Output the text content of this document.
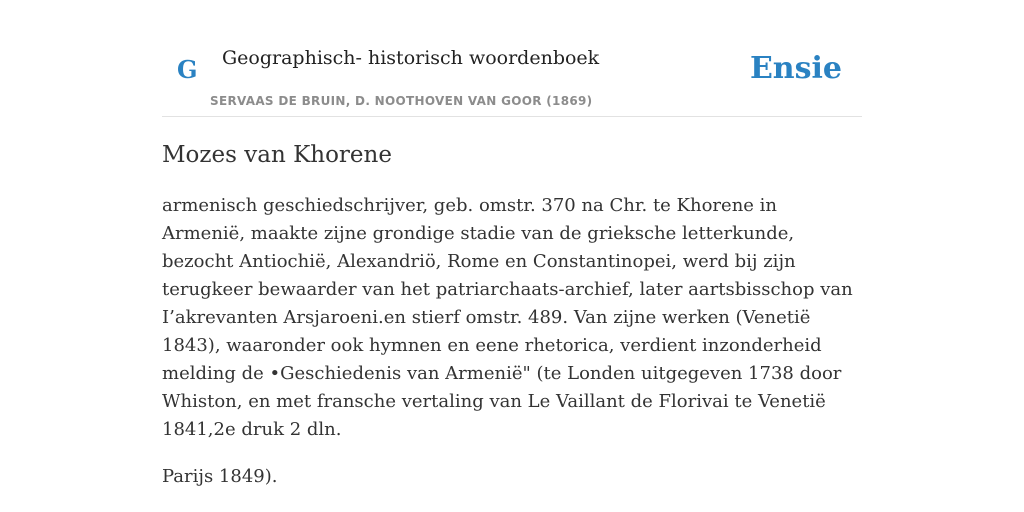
G Geographisch- historisch woordenboek
SERVAAS DE BRUIN, D. NOOTHOVEN VAN GOOR (1869)
Ensie
Mozes van Khorene

armenisch geschiedschrijver, geb. omstr. 370 na Chr. te Khorene in Armenië, maakte zijne grondige stadie van de grieksche letterkunde, bezocht Antiochië, Alexandriö, Rome en Constantinopei, werd bij zijn terugkeer bewaarder van het patriarchaats-archief, later aartsbisschop van I’akrevanten Arsjaroeni.en stierf omstr. 489. Van zijne werken (Venetië 1843), waaronder ook hymnen en eene rhetorica, verdient inzonderheid melding de •Geschiedenis van Armenië" (te Londen uitgegeven 1738 door Whiston, en met fransche vertaling van Le Vaillant de Florivai te Venetië 1841,2e druk 2 dln.

Parijs 1849).
